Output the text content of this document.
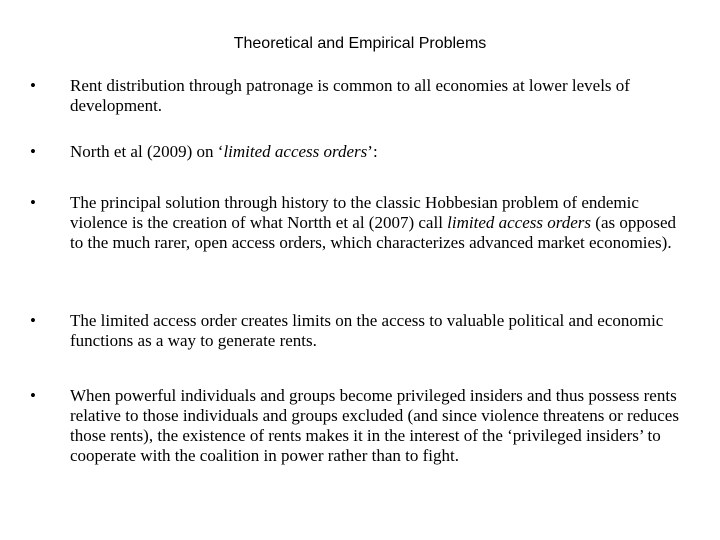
Theoretical and Empirical Problems
•	Rent distribution through patronage is common to all economies at lower levels of development.
•	North et al (2009) on ‘limited access orders’:
•	The principal solution through history to the classic Hobbesian problem of endemic violence is the creation of what Nortth et al (2007) call limited access orders (as opposed to the much rarer, open access orders, which characterizes advanced market economies).
•	The limited access order creates limits on the access to valuable political and economic functions as a way to generate rents.
•	When powerful individuals and groups become privileged insiders and thus possess rents relative to those individuals and groups excluded (and since violence threatens or reduces those rents), the existence of rents makes it in the interest of the ‘privileged insiders’ to cooperate with the coalition in power rather than to fight.
